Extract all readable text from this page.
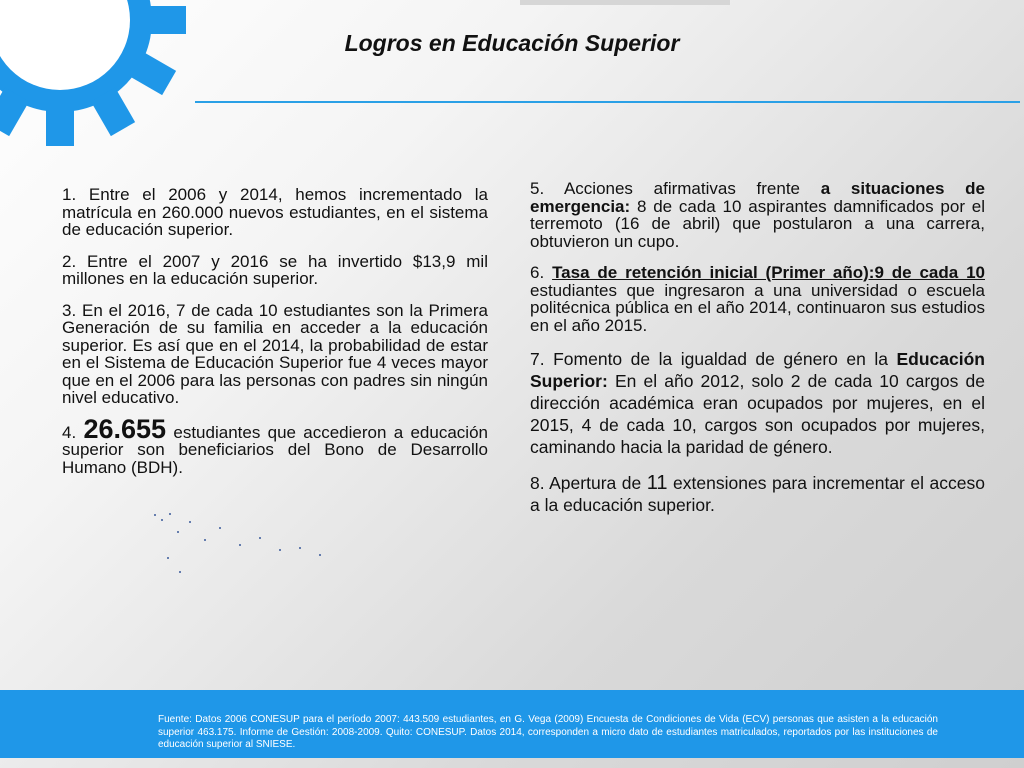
Logros en Educación Superior

1. Entre el 2006 y 2014, hemos incrementado la matrícula en 260.000 nuevos estudiantes, en el sistema de educación superior.

2. Entre el 2007 y 2016 se ha invertido $13,9 mil millones en la educación superior.

3. En el 2016, 7 de cada 10 estudiantes son la Primera Generación de su familia en acceder a la educación superior. Es así que en el 2014, la probabilidad de estar en el Sistema de Educación Superior fue 4 veces mayor que en el 2006 para las personas con padres sin ningún nivel educativo.

4. 26.655 estudiantes que accedieron a educación superior son beneficiarios del Bono de Desarrollo Humano (BDH).

5. Acciones afirmativas frente a situaciones de emergencia: 8 de cada 10 aspirantes damnificados por el terremoto (16 de abril) que postularon a una carrera, obtuvieron un cupo.

6. Tasa de retención inicial (Primer año):9 de cada 10 estudiantes que ingresaron a una universidad o escuela politécnica pública en el año 2014, continuaron sus estudios en el año 2015.

7. Fomento de la igualdad de género en la Educación Superior: En el año 2012, solo 2 de cada 10 cargos de dirección académica eran ocupados por mujeres, en el 2015, 4 de cada 10, cargos son ocupados por mujeres, caminando hacia la paridad de género.

8. Apertura de 11 extensiones para incrementar el acceso a la educación superior.

Fuente: Datos 2006 CONESUP para el período 2007: 443.509 estudiantes, en G. Vega (2009) Encuesta de Condiciones de Vida (ECV) personas que asisten a la educación superior 463.175. Informe de Gestión: 2008-2009. Quito: CONESUP. Datos 2014, corresponden a micro dato de estudiantes matriculados, reportados por las instituciones de educación superior al SNIESE.
